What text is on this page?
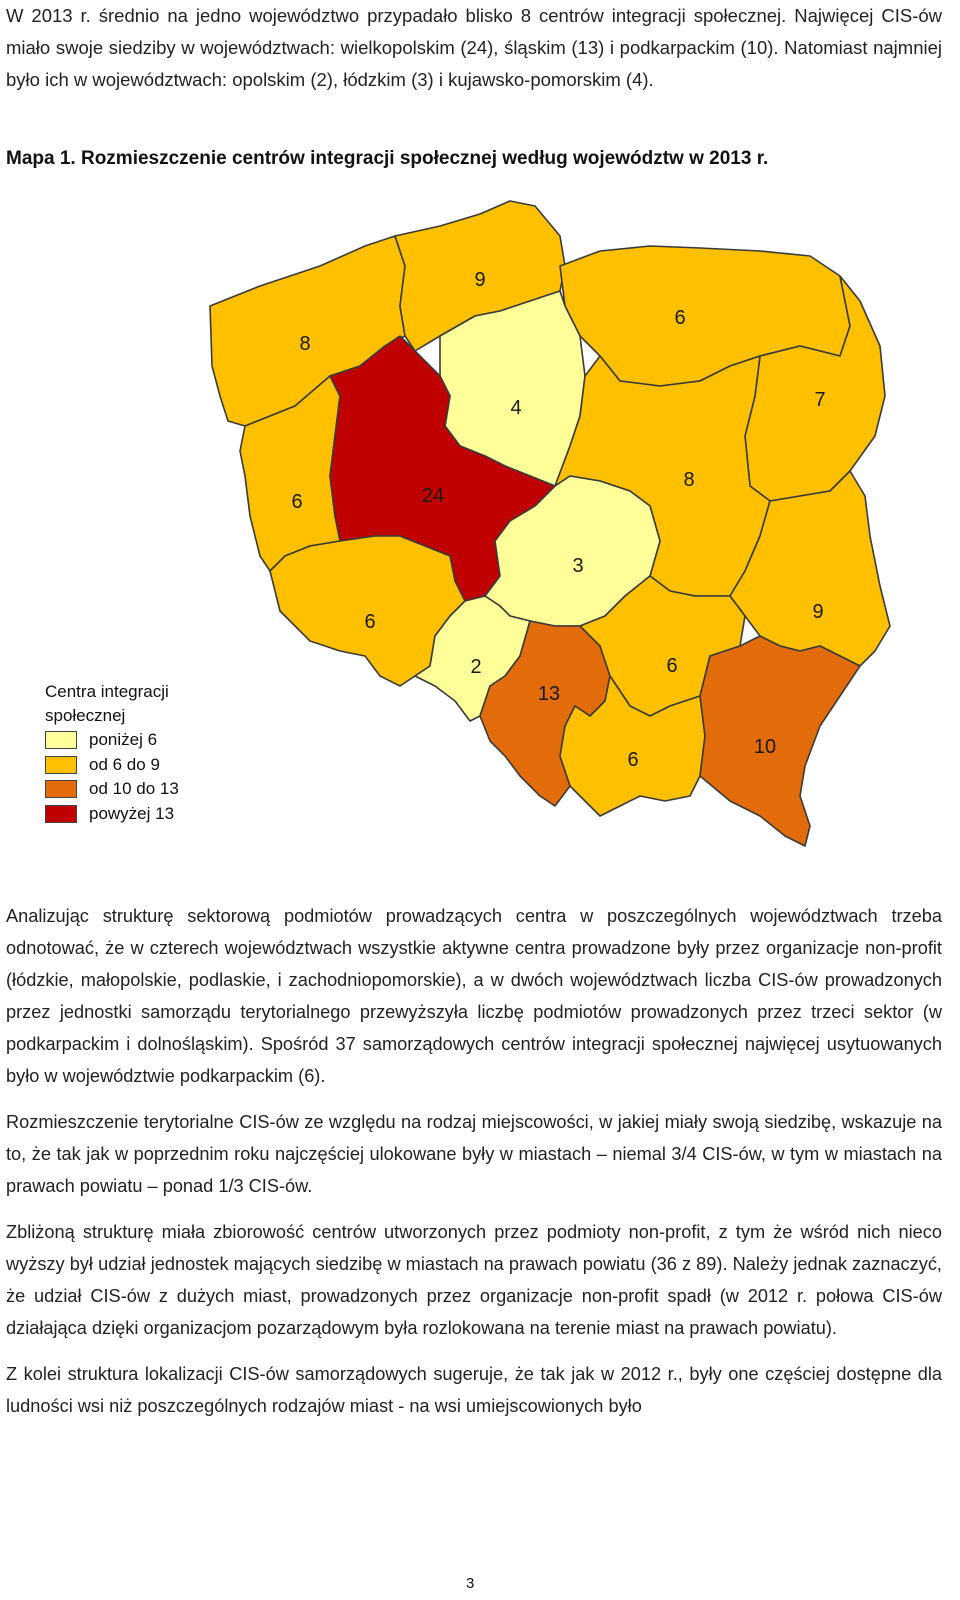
W 2013 r. średnio na jedno województwo przypadało blisko 8 centrów integracji społecznej. Najwięcej CIS-ów miało swoje siedziby w województwach: wielkopolskim (24), śląskim (13) i podkarpackim (10). Natomiast najmniej było ich w województwach: opolskim (2), łódzkim (3) i kujawsko-pomorskim (4).

Mapa 1. Rozmieszczenie centrów integracji społecznej według województw w 2013 r.

8
9
6
7
4
6	24
8
3
6	9
2
13
6
6
10

Centra integracji społecznej

poniżej 6
od 6 do 9
od 10 do 13
powyżej 13

Analizując strukturę sektorową podmiotów prowadzących centra w poszczególnych województwach trzeba odnotować, że w czterech województwach wszystkie aktywne centra prowadzone były przez organizacje non-profit (łódzkie, małopolskie, podlaskie, i zachodniopomorskie), a w dwóch województwach liczba CIS-ów prowadzonych przez jednostki samorządu terytorialnego przewyższyła liczbę podmiotów prowadzonych przez trzeci sektor (w podkarpackim i dolnośląskim). Spośród 37 samorządowych centrów integracji społecznej najwięcej usytuowanych było w województwie podkarpackim (6).

Rozmieszczenie terytorialne CIS-ów ze względu na rodzaj miejscowości, w jakiej miały swoją siedzibę, wskazuje na to, że tak jak w poprzednim roku najczęściej ulokowane były w miastach – niemal 3/4 CIS-ów, w tym w miastach na prawach powiatu – ponad 1/3 CIS-ów.

Zbliżoną strukturę miała zbiorowość centrów utworzonych przez podmioty non-profit, z tym że wśród nich nieco wyższy był udział jednostek mających siedzibę w miastach na prawach powiatu (36 z 89). Należy jednak zaznaczyć, że udział CIS-ów z dużych miast, prowadzonych przez organizacje non-profit spadł (w 2012 r. połowa CIS-ów działająca dzięki organizacjom pozarządowym była rozlokowana na terenie miast na prawach powiatu).

Z kolei struktura lokalizacji CIS-ów samorządowych sugeruje, że tak jak w 2012 r., były one częściej dostępne dla ludności wsi niż poszczególnych rodzajów miast - na wsi umiejscowionych było

3
